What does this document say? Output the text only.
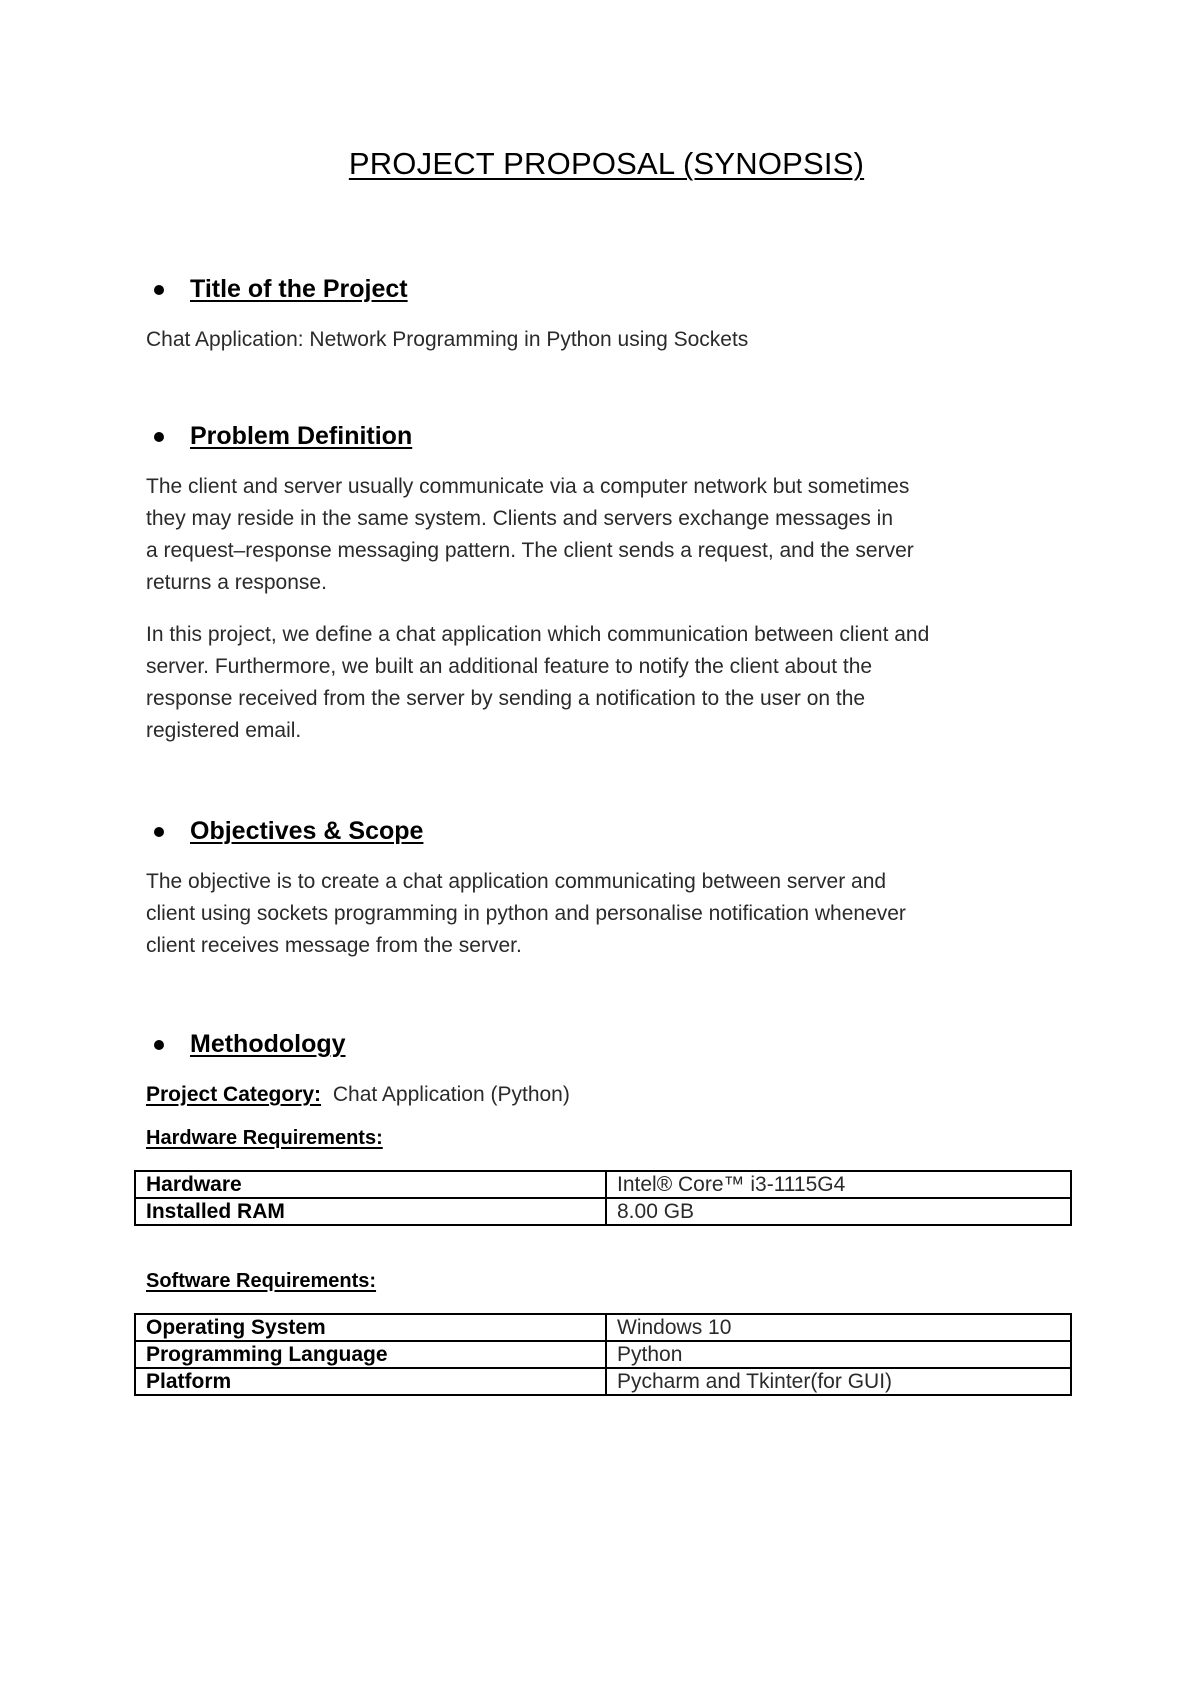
PROJECT PROPOSAL (SYNOPSIS)
Title of the Project

Chat Application: Network Programming in Python using Sockets

Problem Definition

The client and server usually communicate via a computer network but sometimes
they may reside in the same system. Clients and servers exchange messages in
a request–response messaging pattern. The client sends a request, and the server
returns a response.

In this project, we define a chat application which communication between client and
server. Furthermore, we built an additional feature to notify the client about the
response received from the server by sending a notification to the user on the
registered email.

Objectives & Scope

The objective is to create a chat application communicating between server and
client using sockets programming in python and personalise notification whenever
client receives message from the server.

Methodology
Project Category: Chat Application (Python)

Hardware Requirements:

Hardware	Intel® Core™ i3-1115G4
Installed RAM	8.00 GB

Software Requirements:

Operating System	Windows 10
Programming Language	Python
Platform	Pycharm and Tkinter(for GUI)
